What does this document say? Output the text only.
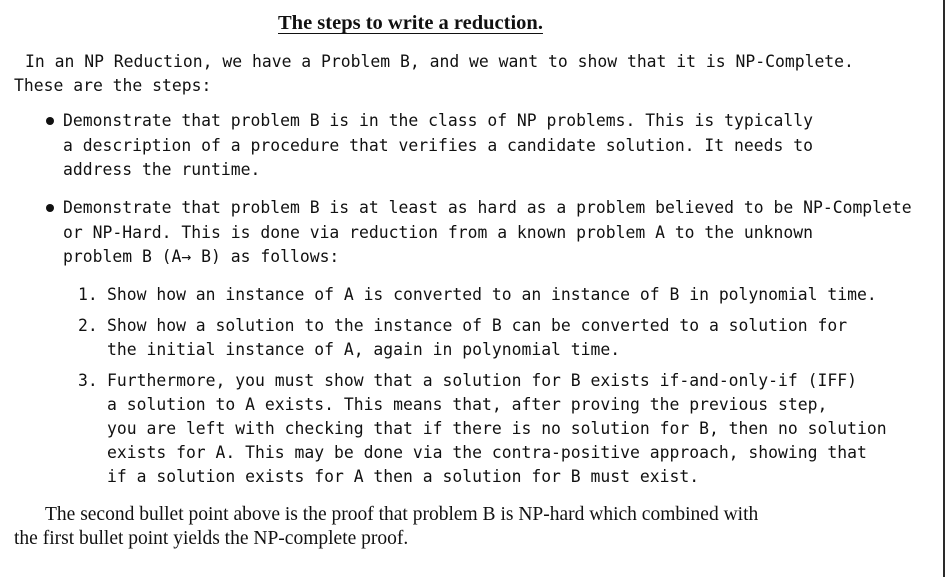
The steps to write a reduction.
In an NP Reduction, we have a Problem B, and we want to show that it is NP-Complete.
These are the steps:
Demonstrate that problem B is in the class of NP problems. This is typically
a description of a procedure that verifies a candidate solution. It needs to
address the runtime.
Demonstrate that problem B is at least as hard as a problem believed to be NP-Complete
or NP-Hard. This is done via reduction from a known problem A to the unknown
problem B (A→ B) as follows:
1. Show how an instance of A is converted to an instance of B in polynomial time.
2. Show how a solution to the instance of B can be converted to a solution for
the initial instance of A, again in polynomial time.
3. Furthermore, you must show that a solution for B exists if-and-only-if (IFF)
a solution to A exists. This means that, after proving the previous step,
you are left with checking that if there is no solution for B, then no solution
exists for A. This may be done via the contra-positive approach, showing that
if a solution exists for A then a solution for B must exist.
The second bullet point above is the proof that problem B is NP-hard which combined with
the first bullet point yields the NP-complete proof.
